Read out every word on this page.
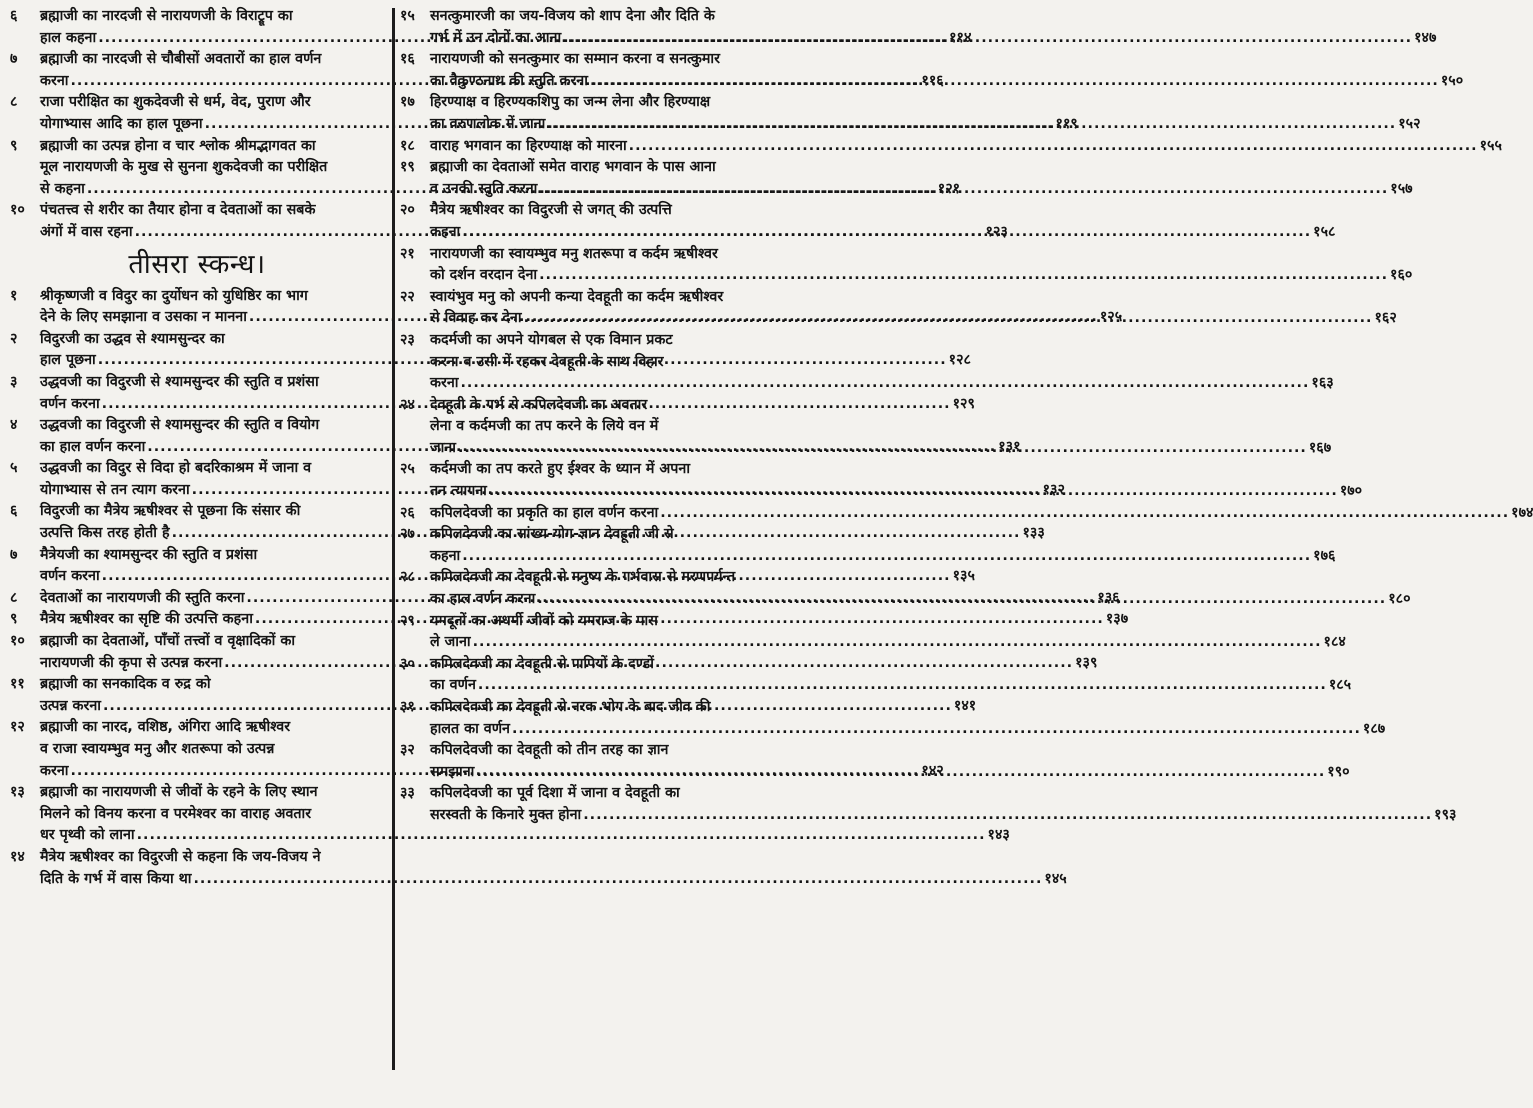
६	ब्रह्माजी का नारदजी से नारायणजी के विराट्रूप का
हाल कहना .....	११४
७	ब्रह्माजी का नारदजी से चौबीसों अवतारों का हाल वर्णन
करना .....	११६
८	राजा परीक्षित का शुकदेवजी से धर्म, वेद, पुराण और
योगाभ्यास आदि का हाल पूछना .....	११९
९	ब्रह्माजी का उत्पन्न होना व चार श्लोक श्रीमद्भागवत का
मूल नारायणजी के मुख से सुनना शुकदेवजी का परीक्षित
से कहना .....	१२१
१०	पंचतत्त्व से शरीर का तैयार होना व देवताओं का सबके
अंगों में वास रहना .....	१२३
तीसरा स्कन्ध।
१	श्रीकृष्णजी व विदुर का दुर्योधन को युधिष्ठिर का भाग
देने के लिए समझाना व उसका न मानना .....	१२५
२	विदुरजी का उद्धव से श्यामसुन्दर का
हाल पूछना .....	१२८
३	उद्धवजी का विदुरजी से श्यामसुन्दर की स्तुति व प्रशंसा
वर्णन करना .....	१२९
४	उद्धवजी का विदुरजी से श्यामसुन्दर की स्तुति व वियोग
का हाल वर्णन करना .....	१३१
५	उद्धवजी का विदुर से विदा हो बदरिकाश्रम में जाना व
योगाभ्यास से तन त्याग करना .....	१३२
६	विदुरजी का मैत्रेय ऋषीश्वर से पूछना कि संसार की
उत्पत्ति किस तरह होती है .....	१३३
७	मैत्रेयजी का श्यामसुन्दर की स्तुति व प्रशंसा
वर्णन करना .....	१३५
८	देवताओं का नारायणजी की स्तुति करना .....	१३६
९	मैत्रेय ऋषीश्वर का सृष्टि की उत्पत्ति कहना .....	१३७
१०	ब्रह्माजी का देवताओं, पाँचों तत्त्वों व वृक्षादिकों का
नारायणजी की कृपा से उत्पन्न करना .....	१३९
११	ब्रह्माजी का सनकादिक व रुद्र को
उत्पन्न करना .....	१४१
१२	ब्रह्माजी का नारद, वशिष्ठ, अंगिरा आदि ऋषीश्वर
व राजा स्वायम्भुव मनु और शतरूपा को उत्पन्न
करना .....	१४२
१३	ब्रह्माजी का नारायणजी से जीवों के रहने के लिए स्थान
मिलने को विनय करना व परमेश्वर का वाराह अवतार
धर पृथ्वी को लाना .....	१४३
१४	मैत्रेय ऋषीश्वर का विदुरजी से कहना कि जय-विजय ने
दिति के गर्भ में वास किया था .....	१४५
१५	सनत्कुमारजी का जय-विजय को शाप देना और दिति के
गर्भ में उन दोनों का आना .....	१४७
१६	नारायणजी को सनत्कुमार का सम्मान करना व सनत्कुमार
का वैकुण्ठनाथ की स्तुति करना .....	१५०
१७	हिरण्याक्ष व हिरण्यकशिपु का जन्म लेना और हिरण्याक्ष
का वरुणलोक में जाना .....	१५२
१८	वाराह भगवान का हिरण्याक्ष को मारना .....	१५५
१९	ब्रह्माजी का देवताओं समेत वाराह भगवान के पास आना
व उनकी स्तुति करना .....	१५७
२०	मैत्रेय ऋषीश्वर का विदुरजी से जगत् की उत्पत्ति
कहना .....	१५८
२१	नारायणजी का स्वायम्भुव मनु शतरूपा व कर्दम ऋषीश्वर
को दर्शन वरदान देना .....	१६०
२२	स्वायंभुव मनु को अपनी कन्या देवहूती का कर्दम ऋषीश्वर
से विवाह कर देना .....	१६२
२३	कदर्मजी का अपने योगबल से एक विमान प्रकट
करना व उसी में रहकर देवहूती के साथ विहार
करना .....	१६३
२४	देवहूती के गर्भ से कपिलदेवजी का अवतार
लेना व कर्दमजी का तप करने के लिये वन में
जाना .....	१६७
२५	कर्दमजी का तप करते हुए ईश्वर के ध्यान में अपना
तन त्यागना .....	१७०
२६	कपिलदेवजी का प्रकृति का हाल वर्णन करना .....	१७४
२७	कपिलदेवजी का सांख्य-योग-ज्ञान देवहूती जी से
कहना .....	१७६
२८	कपिलदेवजी का देवहूती से मनुष्य के गर्भवास से मरणपर्यन्त
का हाल वर्णन करना .....	१८०
२९	यमदूतों का अधर्मी जीवों को यमराज के पास
ले जाना .....	१८४
३०	कपिलदेवजी का देवहूती से पापियों के दण्डों
का वर्णन .....	१८५
३१	कपिलदेवजी का देवहूती से नरक भोग के बाद जीव की
हालत का वर्णन .....	१८७
३२	कपिलदेवजी का देवहूती को तीन तरह का ज्ञान
समझाना .....	१९०
३३	कपिलदेवजी का पूर्व दिशा में जाना व देवहूती का
सरस्वती के किनारे मुक्त होना .....	१९३
